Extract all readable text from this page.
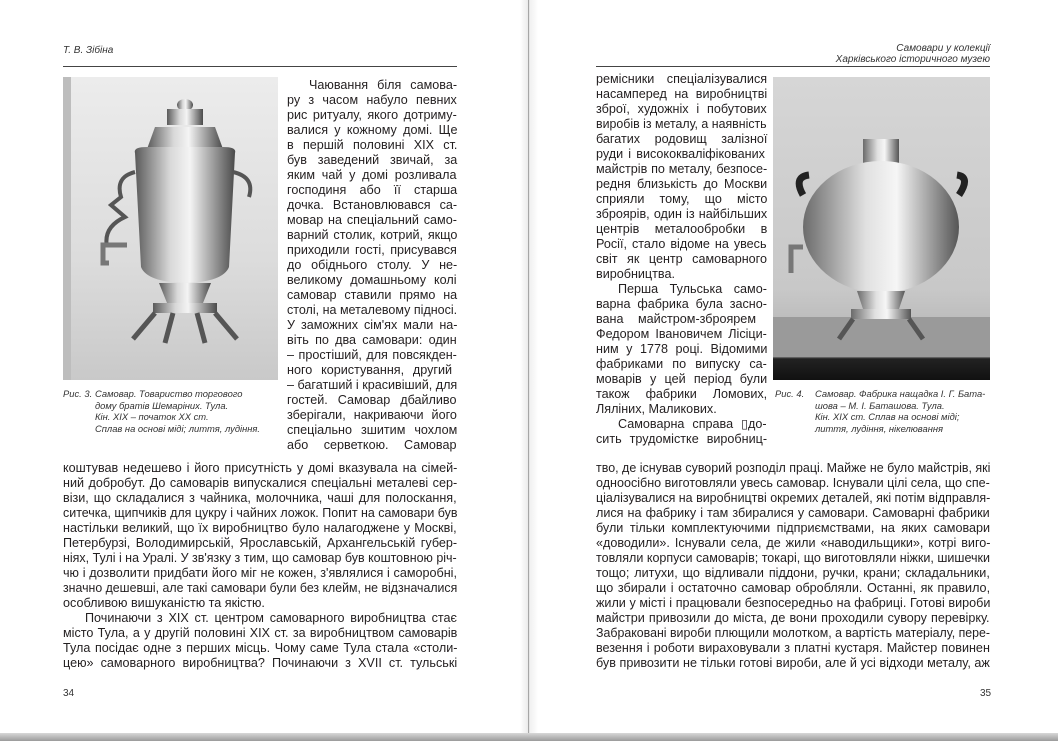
Т. В. Зібіна	Самовари у колекції
Харківського історичного музею
Рис. 3. Самовар. Товариство торгового
дому братів Шемаріних. Тула.
Кін. XIX – початок XX ст.
Сплав на основі міді; лиття, лудіння.
Рис. 4. Самовар. Фабрика нащадка І. Г. Бата-
шова – М. І. Баташова. Тула.
Кін. XIX ст. Сплав на основі міді;
лиття, лудіння, нікелювання
Чаювання біля самова-
ру з часом набуло певних
рис ритуалу, якого дотриму-
валися у кожному домі. Ще
в першій половині XIX ст.
був заведений звичай, за
яким чай у домі розливала
господиня або її старша
дочка. Встановлювався са-
мовар на спеціальний само-
варний столик, котрий, якщо
приходили гості, присувався
до обіднього столу. У не-
великому домашньому колі
самовар ставили прямо на
столі, на металевому підносі.
У заможних сім'ях мали на-
віть по два самовари: один
– простіший, для повсякден-
ного користування, другий
– багатший і красивіший, для
гостей. Самовар дбайливо
зберігали, накриваючи його
спеціально зшитим чохлом
або серветкою. Самовар
коштував недешево і його присутність у домі вказувала на сімей-
ний добробут. До самоварів випускалися спеціальні металеві сер-
візи, що складалися з чайника, молочника, чаші для полоскання,
ситечка, щипчиків для цукру і чайних ложок. Попит на самовари був
настільки великий, що їх виробництво було налагоджене у Москві,
Петербурзі, Володимирській, Ярославській, Архангельській губер-
ніях, Тулі і на Уралі. У зв'язку з тим, що самовар був коштовною річ-
чю і дозволити придбати його міг не кожен, з'являлися і саморобні,
значно дешевші, але такі самовари були без клейм, не відзначалися
особливою вишуканістю та якістю.
Починаючи з XIX ст. центром самоварного виробництва стає
місто Тула, а у другій половині XIX ст. за виробництвом самоварів
Тула посідає одне з перших місць. Чому саме Тула стала «столи-
цею» самоварного виробництва? Починаючи з XVII ст. тульські
ремісники спеціалізувалися
насамперед на виробництві
зброї, художніх і побутових
виробів із металу, а наявність
багатих родовищ залізної
руди і висококваліфікованих
майстрів по металу, безпосе-
редня близькість до Москви
сприяли тому, що місто
зброярів, один із найбільших
центрів металообробки в
Росії, стало відоме на увесь
світ як центр самоварного
виробництва.
Перша Тульська само-
варна фабрика була засно-
вана майстром-зброярем
Федором Івановичем Лісіци-
ним у 1778 році. Відомими
фабриками по випуску са-
моварів у цей період були
також фабрики Ломових,
Ляліних, Маликових.
Самоварна справа ▯до-
сить трудомістке виробниц-
тво, де існував суворий розподіл праці. Майже не було майстрів, які
одноосібно виготовляли увесь самовар. Існували цілі села, що спе-
ціалізувалися на виробництві окремих деталей, які потім відправля-
лися на фабрику і там збиралися у самовари. Самоварні фабрики
були тільки комплектуючими підприємствами, на яких самовари
«доводили». Існували села, де жили «наводильщики», котрі виго-
товляли корпуси самоварів; токарі, що виготовляли ніжки, шишечки
тощо; литухи, що відливали піддони, ручки, крани; складальники,
що збирали і остаточно самовар обробляли. Останні, як правило,
жили у місті і працювали безпосередньо на фабриці. Готові вироби
майстри привозили до міста, де вони проходили сувору перевірку.
Забраковані вироби плющили молотком, а вартість матеріалу, пере-
везення і роботи вираховували з платні кустаря. Майстер повинен
був привозити не тільки готові вироби, але й усі відходи металу, аж
34	35
